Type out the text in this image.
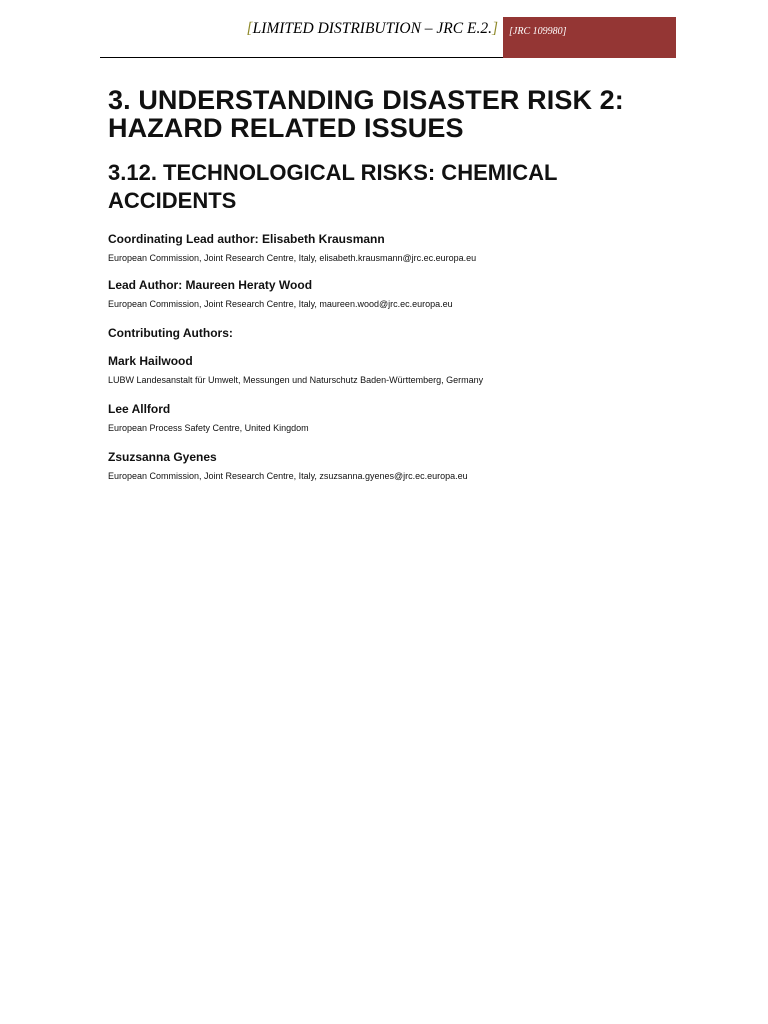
[LIMITED DISTRIBUTION – JRC E.2.] [JRC 109980]
3. UNDERSTANDING DISASTER RISK 2:
HAZARD RELATED ISSUES
3.12. TECHNOLOGICAL RISKS: CHEMICAL
ACCIDENTS

Coordinating Lead author: Elisabeth Krausmann

European Commission, Joint Research Centre, Italy, elisabeth.krausmann@jrc.ec.europa.eu

Lead Author: Maureen Heraty Wood

European Commission, Joint Research Centre, Italy, maureen.wood@jrc.ec.europa.eu

Contributing Authors:

Mark Hailwood

LUBW Landesanstalt für Umwelt, Messungen und Naturschutz Baden-Württemberg, Germany

Lee Allford

European Process Safety Centre, United Kingdom

Zsuzsanna Gyenes

European Commission, Joint Research Centre, Italy, zsuzsanna.gyenes@jrc.ec.europa.eu
